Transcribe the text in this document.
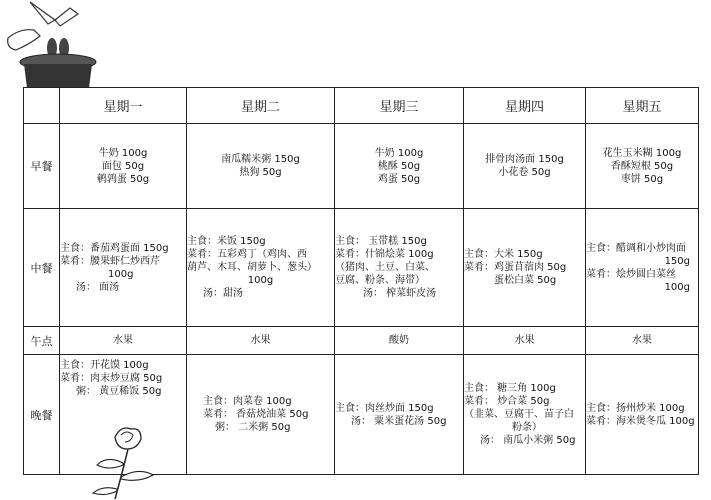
	星期一	星期二	星期三	星期四	星期五
早餐	牛奶 100g
面包 50g
鹌鹑蛋 50g	南瓜糯米粥 150g
热狗 50g	牛奶 100g
桃酥 50g
鸡蛋 50g	排骨肉汤面 150g
小花卷 50g	花生玉米糊 100g
香酥短根 50g
枣饼 50g

中餐	主食：番茄鸡蛋面 150g
菜肴：腰果虾仁炒西芹
100g
汤： 面汤	主食：米饭 150g
菜肴：五彩鸡丁（鸡肉、西
葫芦、木耳、胡萝卜、葱头）
100g
汤：甜汤	主食： 玉带糕 150g
菜肴：什锦烩菜 100g
（猪肉、土豆、白菜、
豆腐、粉条、海带）
汤： 榨菜虾皮汤	主食：大米 150g
菜肴：鸡蛋苜蓿肉 50g
蛋松白菜 50g	主食：醋调和小炒肉面
150g
菜肴：烩炒圆白菜丝
100g

午点	水果	水果	酸奶	水果	水果
晚餐	主食：开花馍 100g
菜肴：肉末炒豆腐 50g
粥： 黄豆稀饭 50g	主食：肉菜卷 100g
菜肴： 香菇烧油菜 50g
粥： 二米粥 50g	主食：肉丝炒面 150g
汤： 粟米蛋花汤 50g	主食： 糖三角 100g
菜肴： 炒合菜 50g
（韭菜、豆腐干、苗子白
粉条）
汤： 南瓜小米粥 50g	主食：扬州炒米 100g
菜肴：海米煲冬瓜 100g
